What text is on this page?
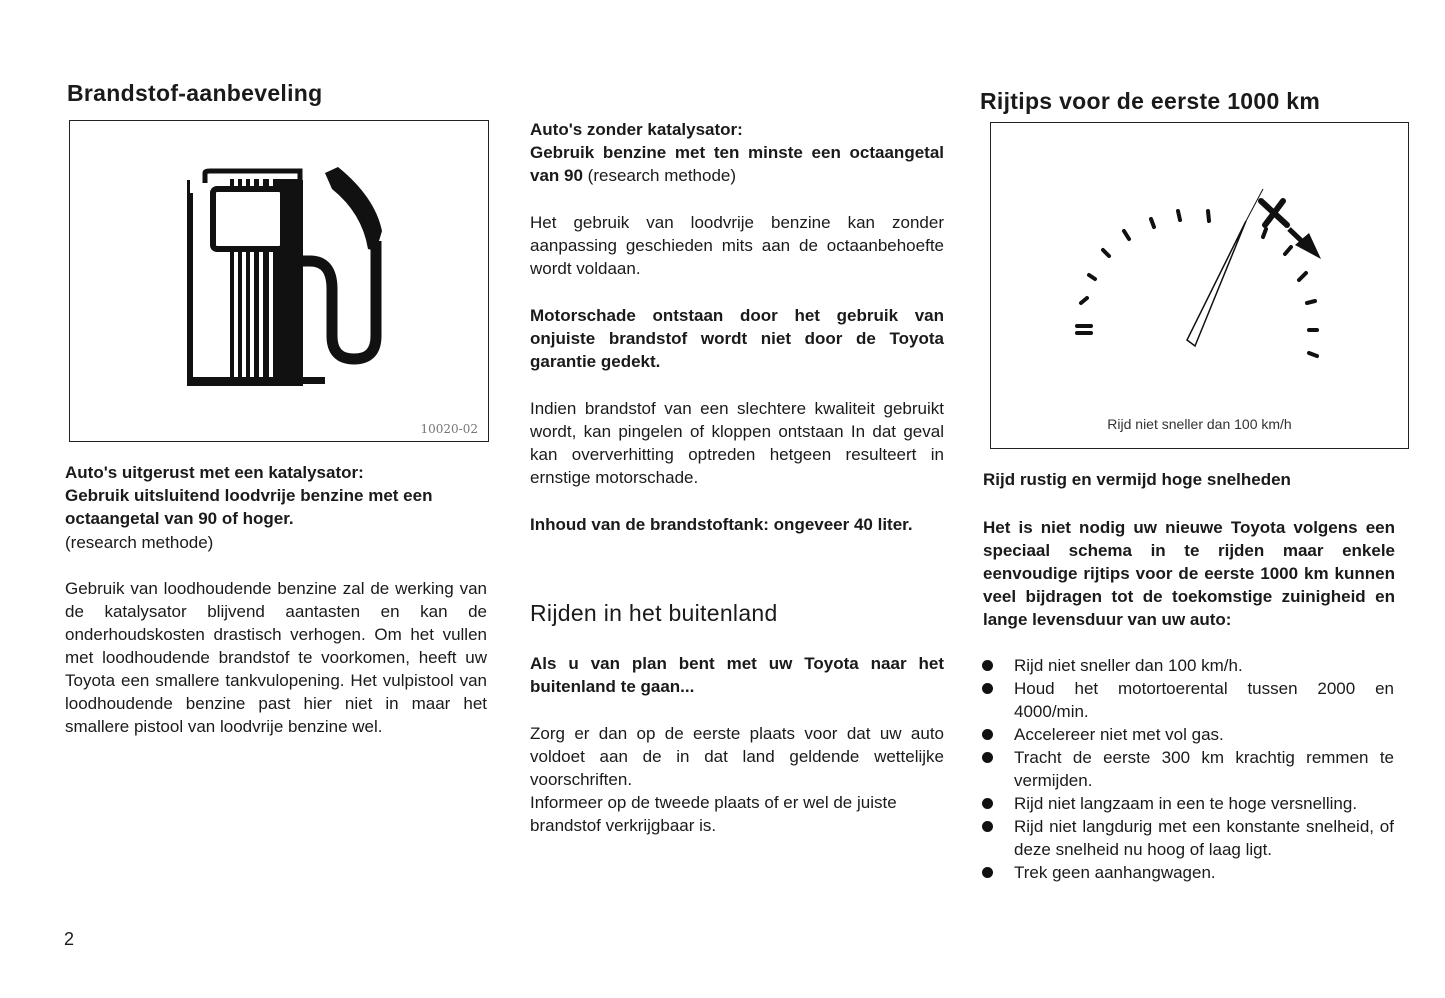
Brandstof-aanbeveling
10020-02

Auto's uitgerust met een katalysator:

Gebruik uitsluitend loodvrije benzine met een octaangetal van 90 of hoger.

(research methode)
Gebruik van loodhoudende benzine zal de werking van de katalysator blijvend aantasten en kan de onderhoudskosten drastisch verhogen. Om het vullen met loodhoudende brandstof te voorkomen, heeft uw Toyota een smallere tankvulopening. Het vulpistool van loodhoudende benzine past hier niet in maar het smallere pistool van loodvrije benzine wel.
2

Auto's zonder katalysator:

Gebruik benzine met ten minste een octaangetal van 90 (research methode)

Het gebruik van loodvrije benzine kan zonder aanpassing geschieden mits aan de octaanbehoefte wordt voldaan.
Motorschade ontstaan door het gebruik van onjuiste brandstof wordt niet door de Toyota garantie gedekt.
Indien brandstof van een slechtere kwaliteit gebruikt wordt, kan pingelen of kloppen ontstaan In dat geval kan oververhitting optreden hetgeen resulteert in ernstige motorschade.
Inhoud van de brandstoftank: ongeveer 40 liter.
Rijden in het buitenland
Als u van plan bent met uw Toyota naar het buitenland te gaan...

Zorg er dan op de eerste plaats voor dat uw auto voldoet aan de in dat land geldende wettelijke voorschriften.

Informeer op de tweede plaats of er wel de juiste brandstof verkrijgbaar is.

Rijtips voor de eerste 1000 km
Rijd niet sneller dan 100 km/h
Rijd rustig en vermijd hoge snelheden
Het is niet nodig uw nieuwe Toyota volgens een speciaal schema in te rijden maar enkele eenvoudige rijtips voor de eerste 1000 km kunnen veel bijdragen tot de toekomstige zuinigheid en lange levensduur van uw auto:
Rijd niet sneller dan 100 km/h.
Houd het motortoerental tussen 2000 en 4000/min.
Accelereer niet met vol gas.
Tracht de eerste 300 km krachtig remmen te vermijden.
Rijd niet langzaam in een te hoge versnelling.
Rijd niet langdurig met een konstante snelheid, of deze snelheid nu hoog of laag ligt.
Trek geen aanhangwagen.
